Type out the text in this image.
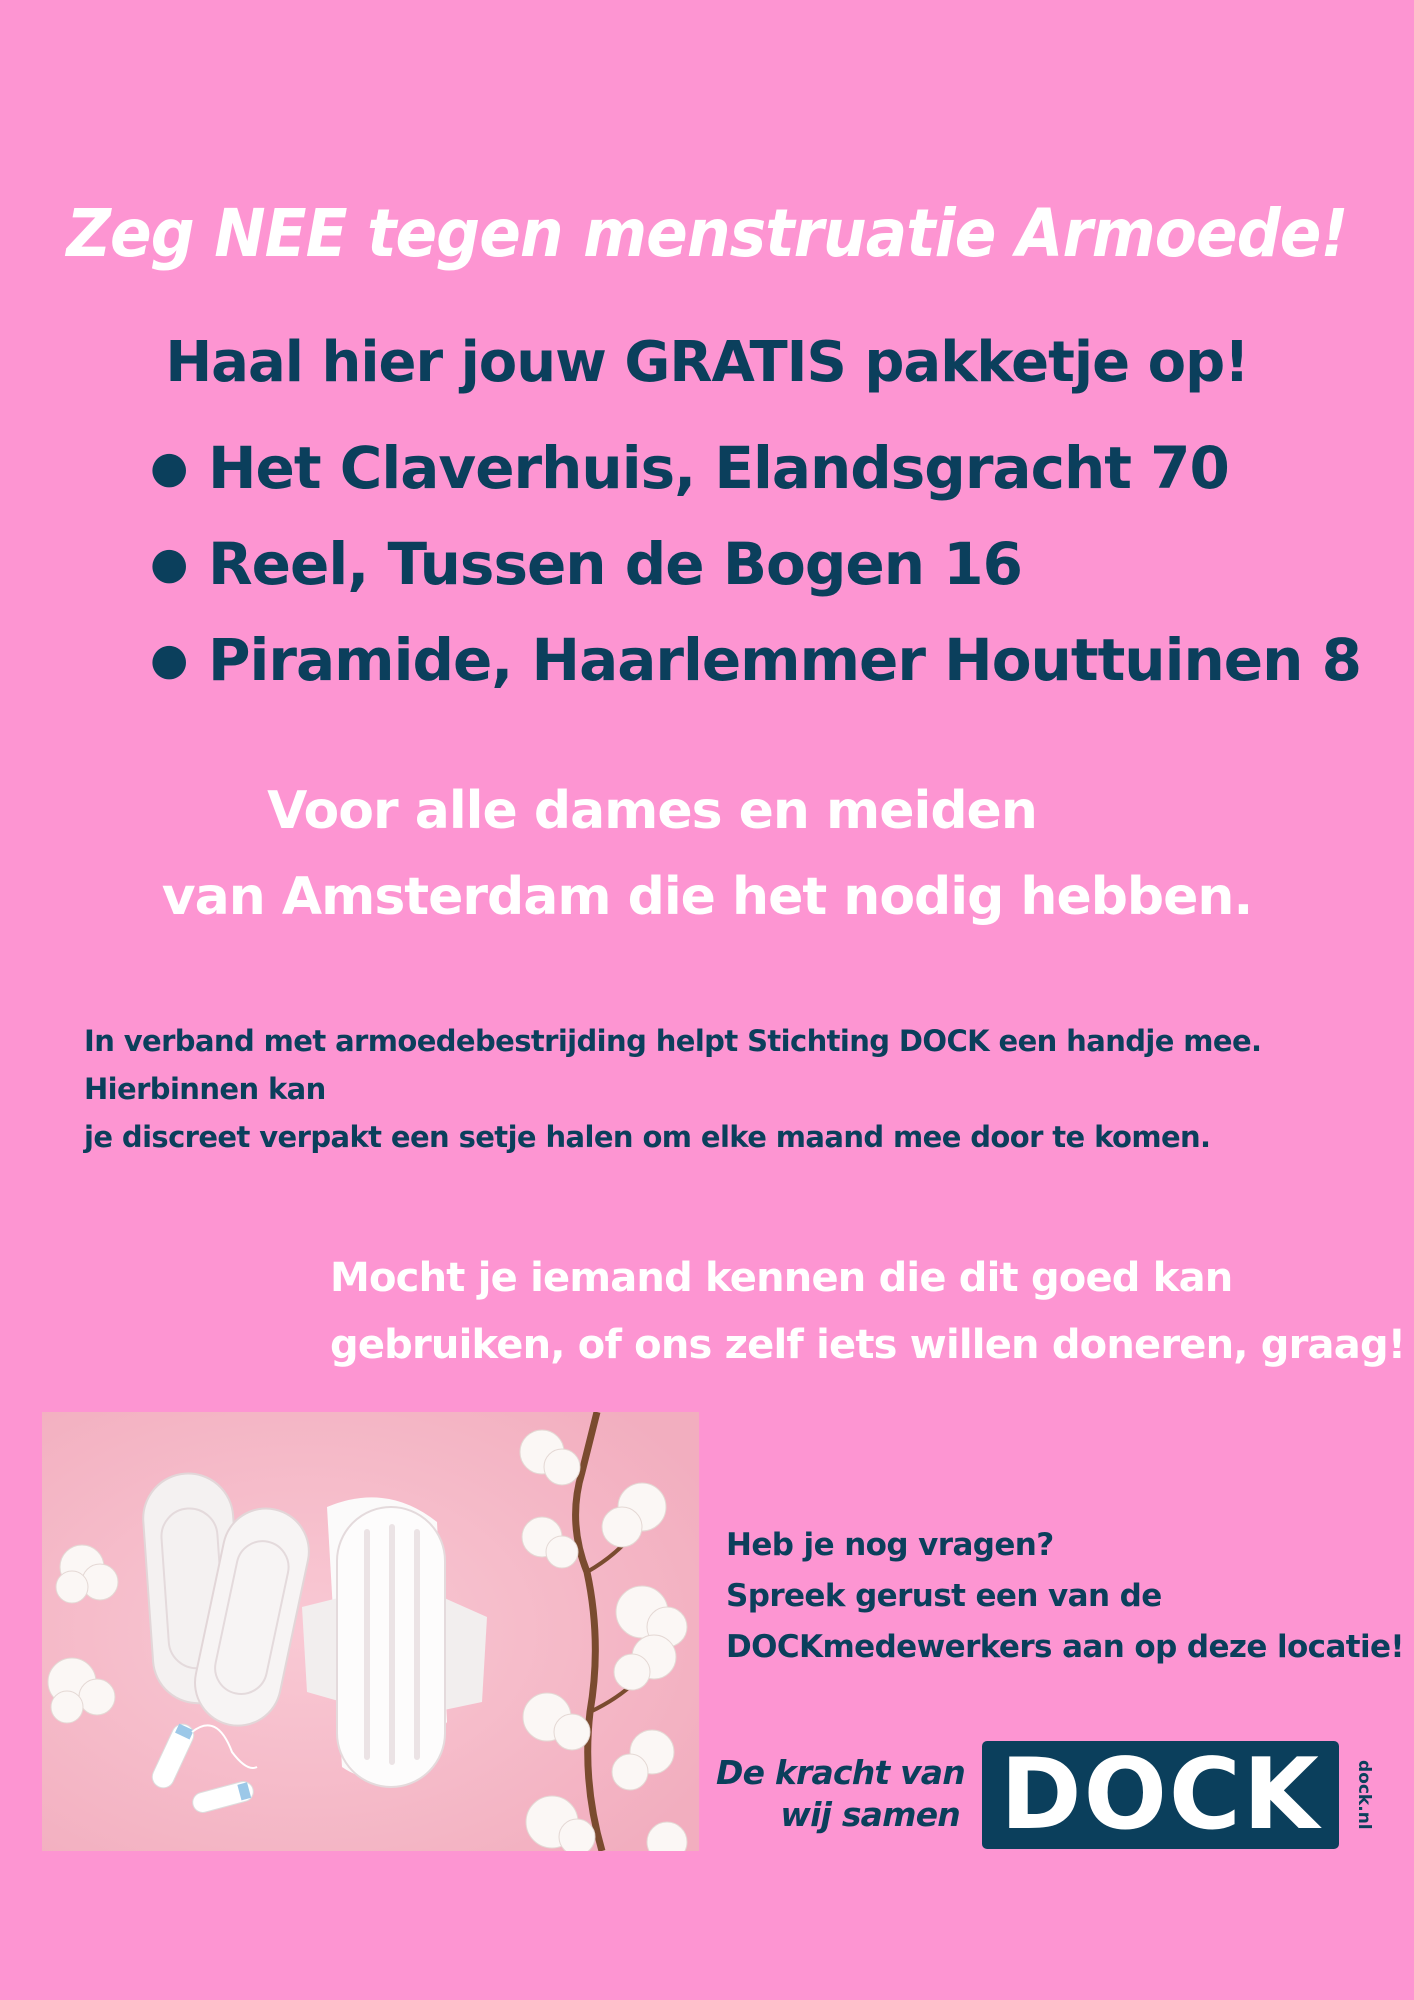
Zeg NEE tegen menstruatie Armoede!
Haal hier jouw GRATIS pakketje op!
● Het Claverhuis, Elandsgracht 70
● Reel, Tussen de Bogen 16
● Piramide, Haarlemmer Houttuinen 8
Voor alle dames en meiden
van Amsterdam die het nodig hebben.
In verband met armoedebestrijding helpt Stichting DOCK een handje mee. Hierbinnen kan
je discreet verpakt een setje halen om elke maand mee door te komen.
Mocht je iemand kennen die dit goed kan
gebruiken, of ons zelf iets willen doneren, graag!
Heb je nog vragen?
Spreek gerust een van de
DOCKmedewerkers aan op deze locatie!
De kracht van
wij samen DOCK	dock.nl
